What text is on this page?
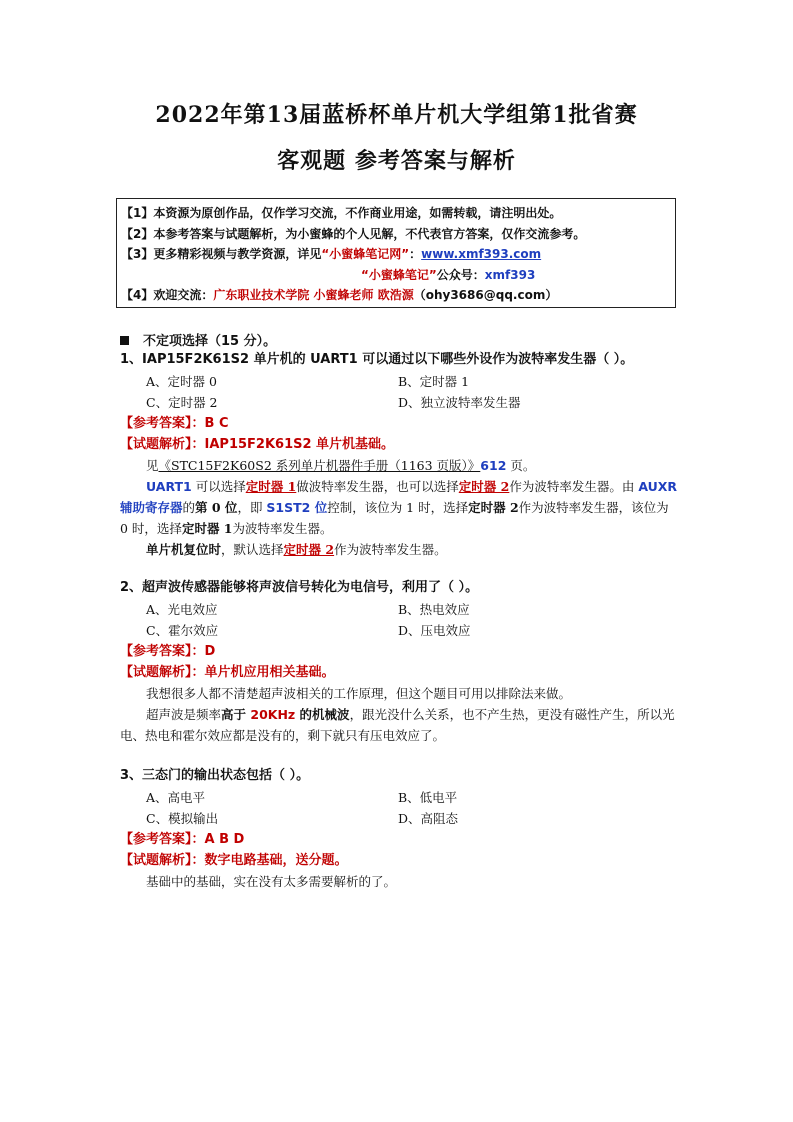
2022年第13届蓝桥杯单片机大学组第1批省赛
客观题 参考答案与解析
【1】本资源为原创作品，仅作学习交流，不作商业用途，如需转载，请注明出处。
【2】本参考答案与试题解析，为小蜜蜂的个人见解，不代表官方答案，仅作交流参考。
【3】更多精彩视频与教学资源，详见“小蜜蜂笔记网”：www.xmf393.com
“小蜜蜂笔记”公众号：xmf393
【4】欢迎交流：广东职业技术学院 小蜜蜂老师 欧浩源（ohy3686@qq.com）
不定项选择（15 分）。
1、IAP15F2K61S2 单片机的 UART1 可以通过以下哪些外设作为波特率发生器（ ）。
A、定时器 0	B、定时器 1
C、定时器 2	D、独立波特率发生器
【参考答案】：B C
【试题解析】：IAP15F2K61S2 单片机基础。
见《STC15F2K60S2 系列单片机器件手册（1163 页版）》612 页。
UART1 可以选择定时器 1做波特率发生器，也可以选择定时器 2作为波特率发生器。由 AUXR 辅助寄存器的第 0 位，即 S1ST2 位控制，该位为 1 时，选择定时器 2作为波特率发生器，该位为 0 时，选择定时器 1为波特率发生器。
单片机复位时，默认选择定时器 2作为波特率发生器。
2、超声波传感器能够将声波信号转化为电信号，利用了（ ）。
A、光电效应	B、热电效应
C、霍尔效应	D、压电效应
【参考答案】：D
【试题解析】：单片机应用相关基础。
我想很多人都不清楚超声波相关的工作原理，但这个题目可用以排除法来做。
超声波是频率高于 20KHz 的机械波，跟光没什么关系，也不产生热，更没有磁性产生，所以光电、热电和霍尔效应都是没有的，剩下就只有压电效应了。
3、三态门的输出状态包括（ ）。
A、高电平	B、低电平
C、模拟输出	D、高阻态
【参考答案】：A B D
【试题解析】：数字电路基础，送分题。
基础中的基础，实在没有太多需要解析的了。
